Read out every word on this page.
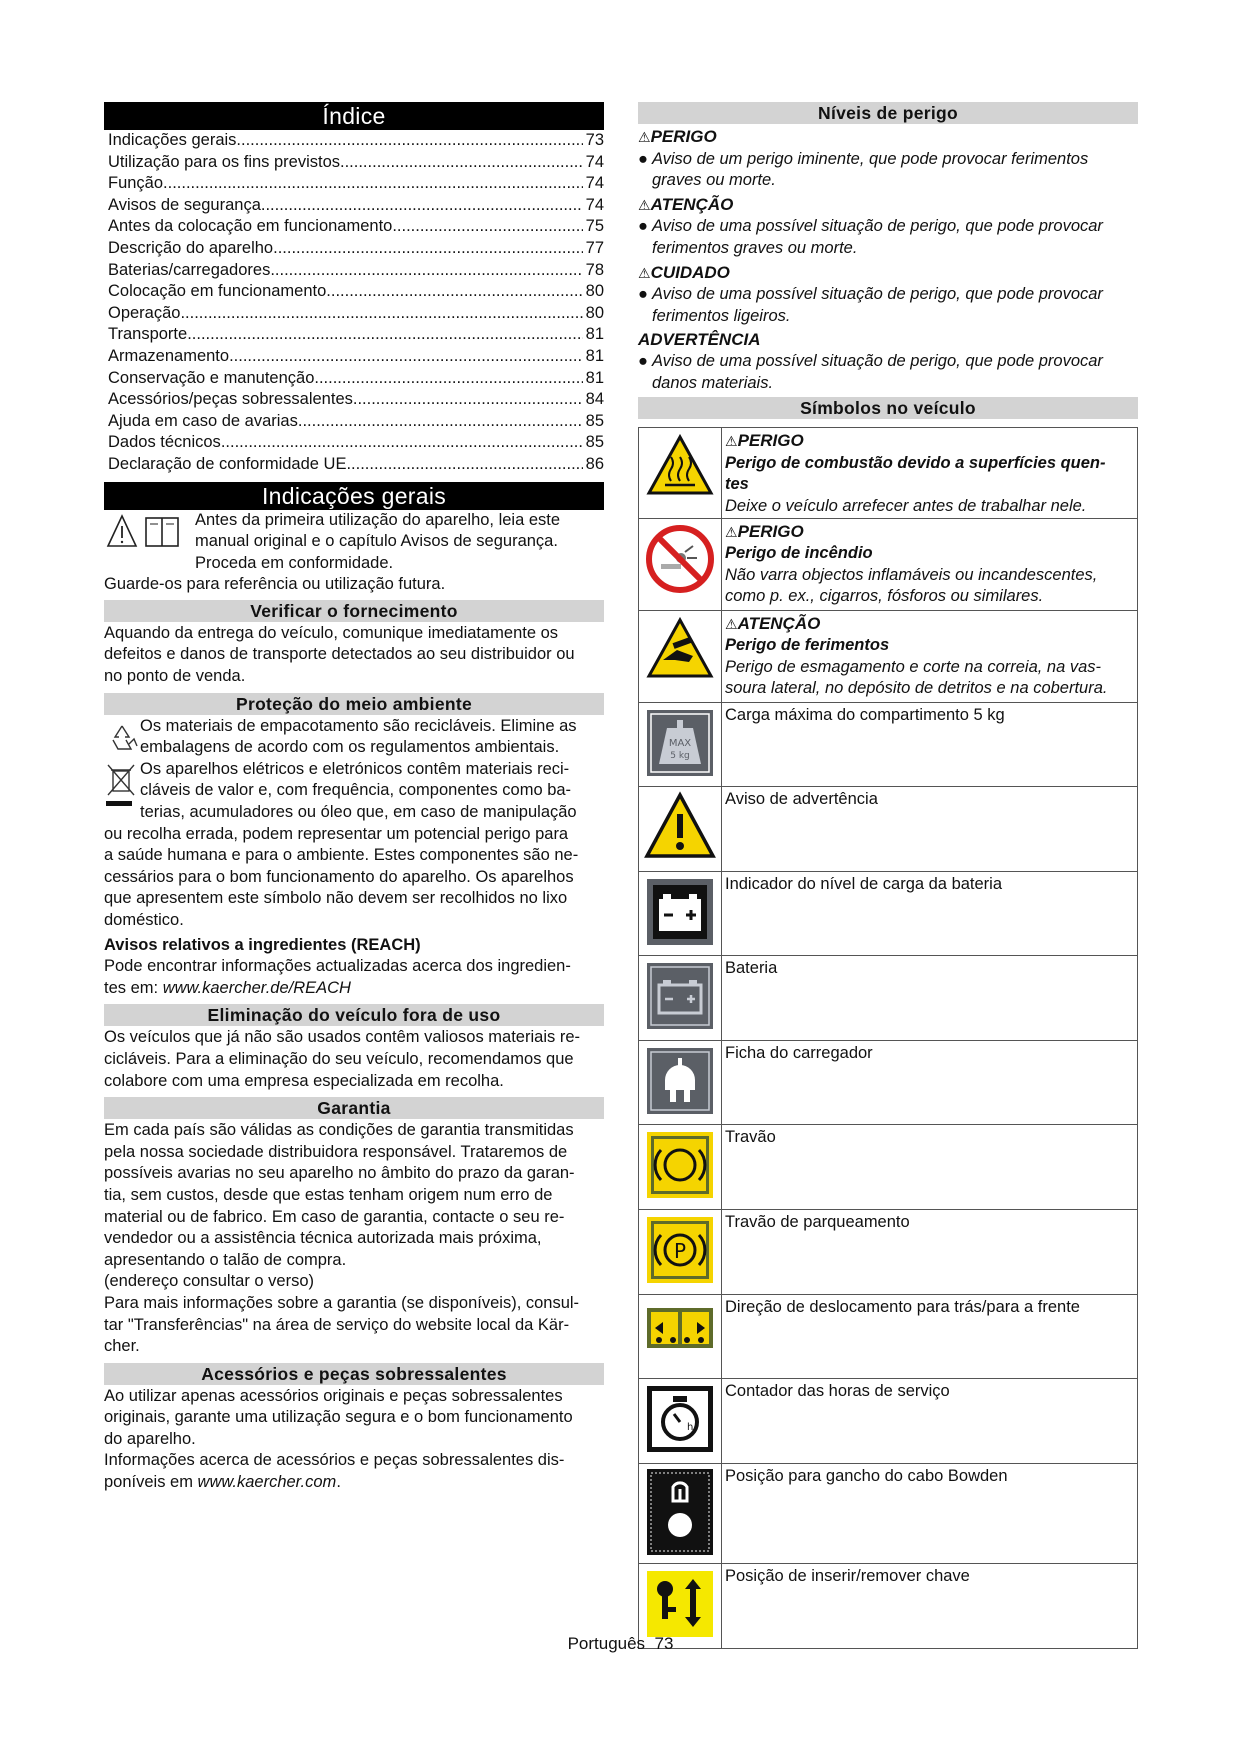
Índice
Indicações gerais .....	73
Utilização para os fins previstos .....	74
Função .....	74
Avisos de segurança .....	74
Antes da colocação em funcionamento .....	75
Descrição do aparelho .....	77
Baterias/carregadores .....	78
Colocação em funcionamento .....	80
Operação .....	80
Transporte .....	81
Armazenamento .....	81
Conservação e manutenção .....	81
Acessórios/peças sobressalentes .....	84
Ajuda em caso de avarias .....	85
Dados técnicos .....	85
Declaração de conformidade UE .....	86
Indicações gerais

Antes da primeira utilização do aparelho, leia este

manual original e o capítulo Avisos de segurança.

Proceda em conformidade.

Guarde-os para referência ou utilização futura.

Verificar o fornecimento

Aquando da entrega do veículo, comunique imediatamente os

defeitos e danos de transporte detectados ao seu distribuidor ou

no ponto de venda.

Proteção do meio ambiente

Os materiais de empacotamento são recicláveis. Elimine as

embalagens de acordo com os regulamentos ambientais.

Os aparelhos elétricos e eletrónicos contêm materiais reci-

cláveis de valor e, com frequência, componentes como ba-

terias, acumuladores ou óleo que, em caso de manipulação

ou recolha errada, podem representar um potencial perigo para

a saúde humana e para o ambiente. Estes componentes são ne-

cessários para o bom funcionamento do aparelho. Os aparelhos

que apresentem este símbolo não devem ser recolhidos no lixo

doméstico.

Avisos relativos a ingredientes (REACH)

Pode encontrar informações actualizadas acerca dos ingredien-

tes em: www.kaercher.de/REACH

Eliminação do veículo fora de uso

Os veículos que já não são usados contêm valiosos materiais re-

cicláveis. Para a eliminação do seu veículo, recomendamos que

colabore com uma empresa especializada em recolha.

Garantia

Em cada país são válidas as condições de garantia transmitidas

pela nossa sociedade distribuidora responsável. Trataremos de

possíveis avarias no seu aparelho no âmbito do prazo da garan-

tia, sem custos, desde que estas tenham origem num erro de

material ou de fabrico. Em caso de garantia, contacte o seu re-

vendedor ou a assistência técnica autorizada mais próxima,

apresentando o talão de compra.

(endereço consultar o verso)

Para mais informações sobre a garantia (se disponíveis), consul-

tar "Transferências" na área de serviço do website local da Kär-

cher.

Acessórios e peças sobressalentes

Ao utilizar apenas acessórios originais e peças sobressalentes

originais, garante uma utilização segura e o bom funcionamento

do aparelho.

Informações acerca de acessórios e peças sobressalentes dis-

poníveis em www.kaercher.com.

Níveis de perigo

⚠PERIGO

● Aviso de um perigo iminente, que pode provocar ferimentos

graves ou morte.

⚠ATENÇÃO

● Aviso de uma possível situação de perigo, que pode provocar

ferimentos graves ou morte.

⚠CUIDADO

● Aviso de uma possível situação de perigo, que pode provocar

ferimentos ligeiros.

ADVERTÊNCIA

● Aviso de uma possível situação de perigo, que pode provocar

danos materiais.

Símbolos no veículo

⚠PERIGO

Perigo de combustão devido a superfícies quen-

tes

Deixe o veículo arrefecer antes de trabalhar nele.

⚠PERIGO

Perigo de incêndio

Não varra objectos inflamáveis ou incandescentes,

como p. ex., cigarros, fósforos ou similares.

⚠ATENÇÃO

Perigo de ferimentos

Perigo de esmagamento e corte na correia, na vas-

soura lateral, no depósito de detritos e na cobertura.

MAX
5 kg	Carga máxima do compartimento 5 kg

Aviso de advertência

Indicador do nível de carga da bateria

Bateria

Ficha do carregador

Travão

P	Travão de parqueamento

Direção de deslocamento para trás/para a frente

h	Contador das horas de serviço

Posição para gancho do cabo Bowden

Posição de inserir/remover chave

Português 73
